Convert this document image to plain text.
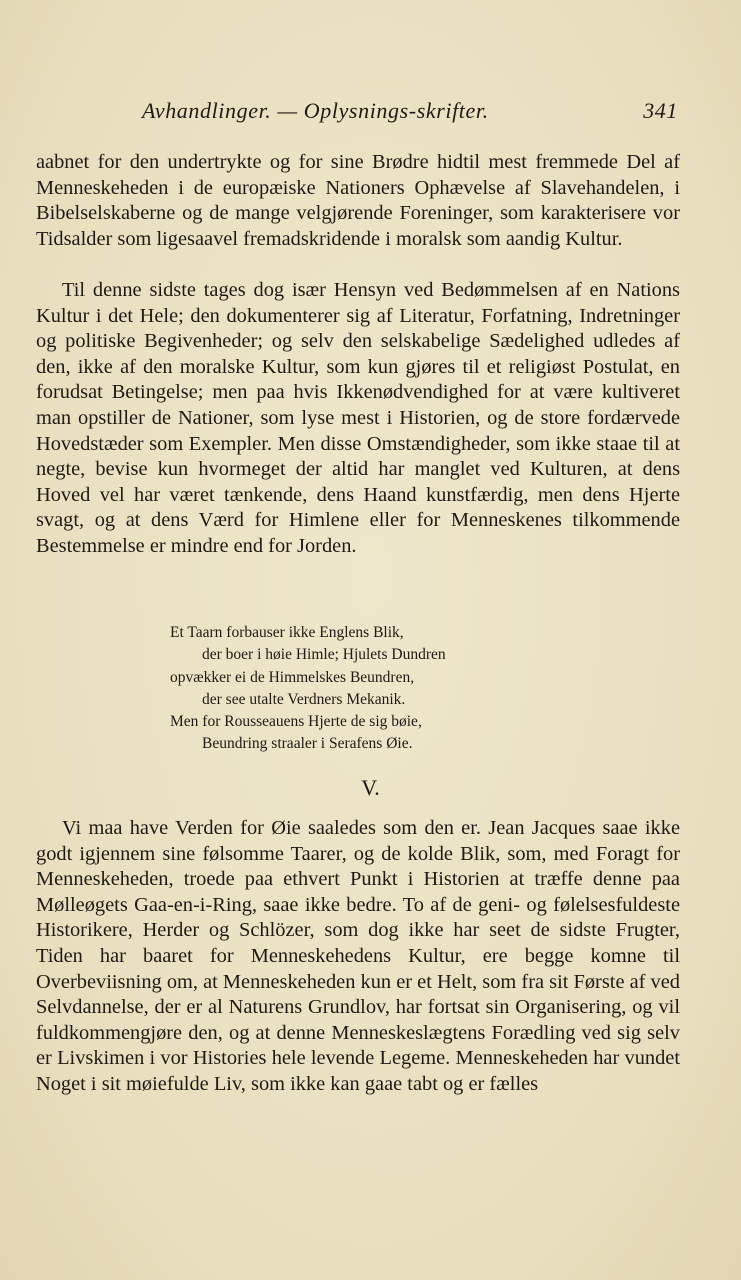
Avhandlinger. — Oplysnings-skrifter.	341
aabnet for den undertrykte og for sine Brødre hidtil mest fremmede Del af Menneskeheden i de europæiske Nationers Ophævelse af Slavehandelen, i Bibelselskaberne og de mange velgjørende Foreninger, som karakterisere vor Tidsalder som ligesaavel fremadskridende i moralsk som aandig Kultur.
Til denne sidste tages dog især Hensyn ved Bedømmelsen af en Nations Kultur i det Hele; den dokumenterer sig af Literatur, Forfatning, Indretninger og politiske Begivenheder; og selv den selskabelige Sædelighed udledes af den, ikke af den moralske Kultur, som kun gjøres til et religiøst Postulat, en forudsat Betingelse; men paa hvis Ikkenødvendighed for at være kultiveret man opstiller de Nationer, som lyse mest i Historien, og de store fordærvede Hovedstæder som Exempler. Men disse Omstændigheder, som ikke staae til at negte, bevise kun hvormeget der altid har manglet ved Kulturen, at dens Hoved vel har været tænkende, dens Haand kunstfærdig, men dens Hjerte svagt, og at dens Værd for Himlene eller for Menneskenes tilkommende Bestemmelse er mindre end for Jorden.
Et Taarn forbauser ikke Englens Blik,
der boer i høie Himle; Hjulets Dundren
opvækker ei de Himmelskes Beundren,
der see utalte Verdners Mekanik.
Men for Rousseauens Hjerte de sig bøie,
Beundring straaler i Serafens Øie.
V.
Vi maa have Verden for Øie saaledes som den er. Jean Jacques saae ikke godt igjennem sine følsomme Taarer, og de kolde Blik, som, med Foragt for Menneskeheden, troede paa ethvert Punkt i Historien at træffe denne paa Mølleøgets Gaa-en-i-Ring, saae ikke bedre. To af de geni- og følelsesfuldeste Historikere, Herder og Schlözer, som dog ikke har seet de sidste Frugter, Tiden har baaret for Menneskehedens Kultur, ere begge komne til Overbeviisning om, at Menneskeheden kun er et Helt, som fra sit Første af ved Selvdannelse, der er al Naturens Grundlov, har fortsat sin Organisering, og vil fuldkommengjøre den, og at denne Menneskeslægtens Forædling ved sig selv er Livskimen i vor Histories hele levende Legeme. Menneskeheden har vundet Noget i sit møiefulde Liv, som ikke kan gaae tabt og er fælles
